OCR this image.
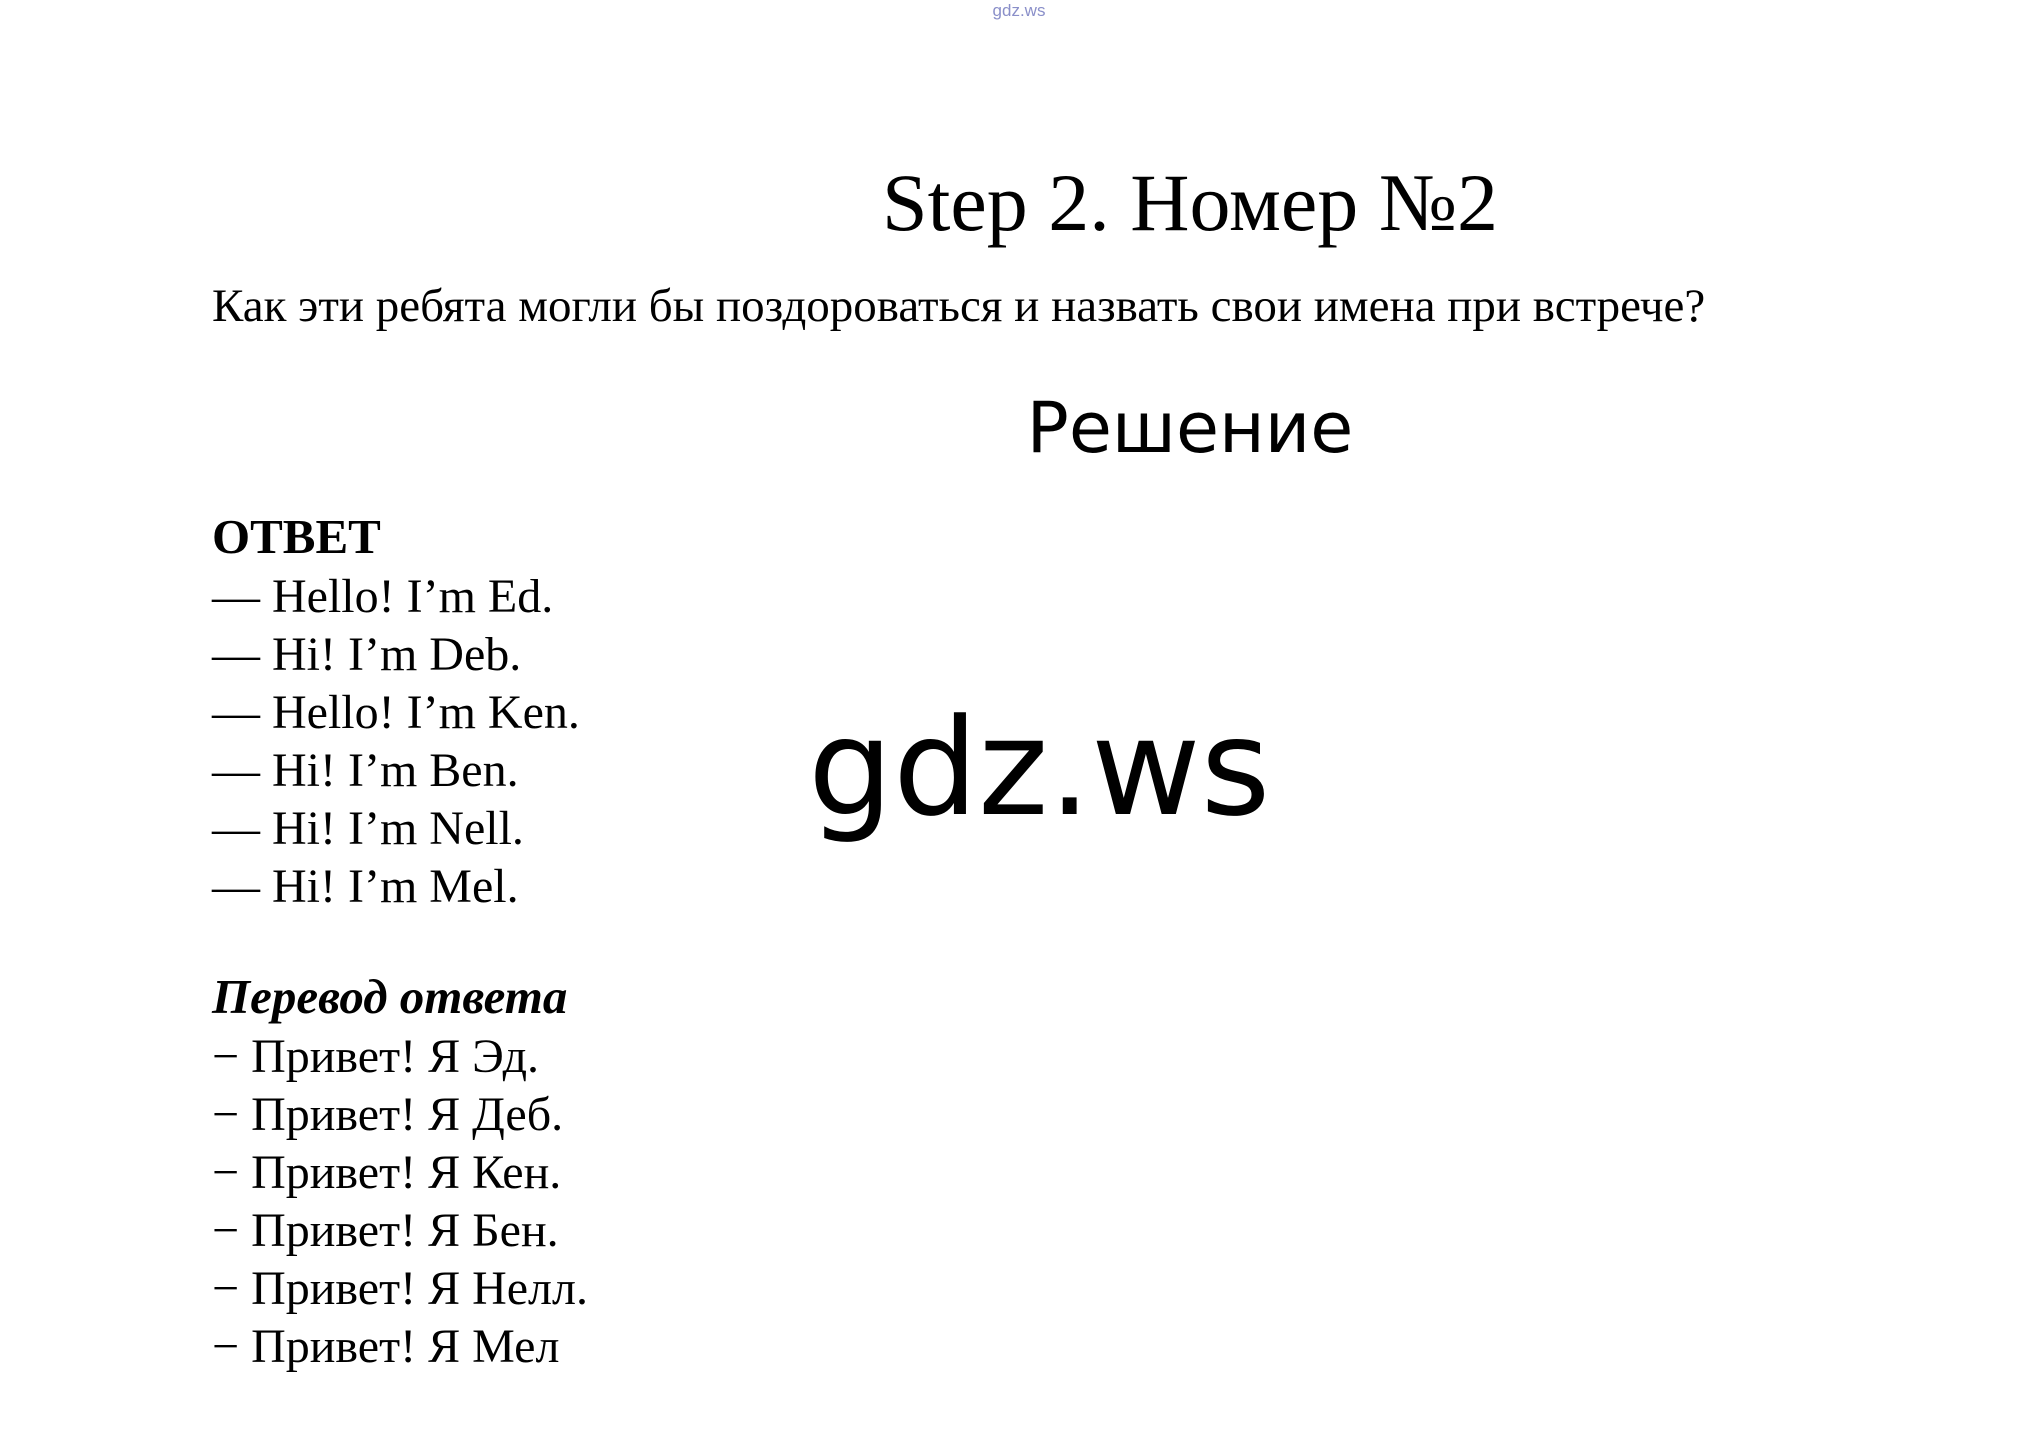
gdz.ws
Step 2. Номер №2
Как эти ребята могли бы поздороваться и назвать свои имена при встрече?
Решение
ОТВЕТ
— Hello! I’m Ed.
— Hi! I’m Deb.
— Hello! I’m Ken.
— Hi! I’m Ben.
— Hi! I’m Nell.
— Hi! I’m Mel.
gdz.ws
Перевод ответа
− Привет! Я Эд.
− Привет! Я Деб.
− Привет! Я Кен.
− Привет! Я Бен.
− Привет! Я Нелл.
− Привет! Я Мел
